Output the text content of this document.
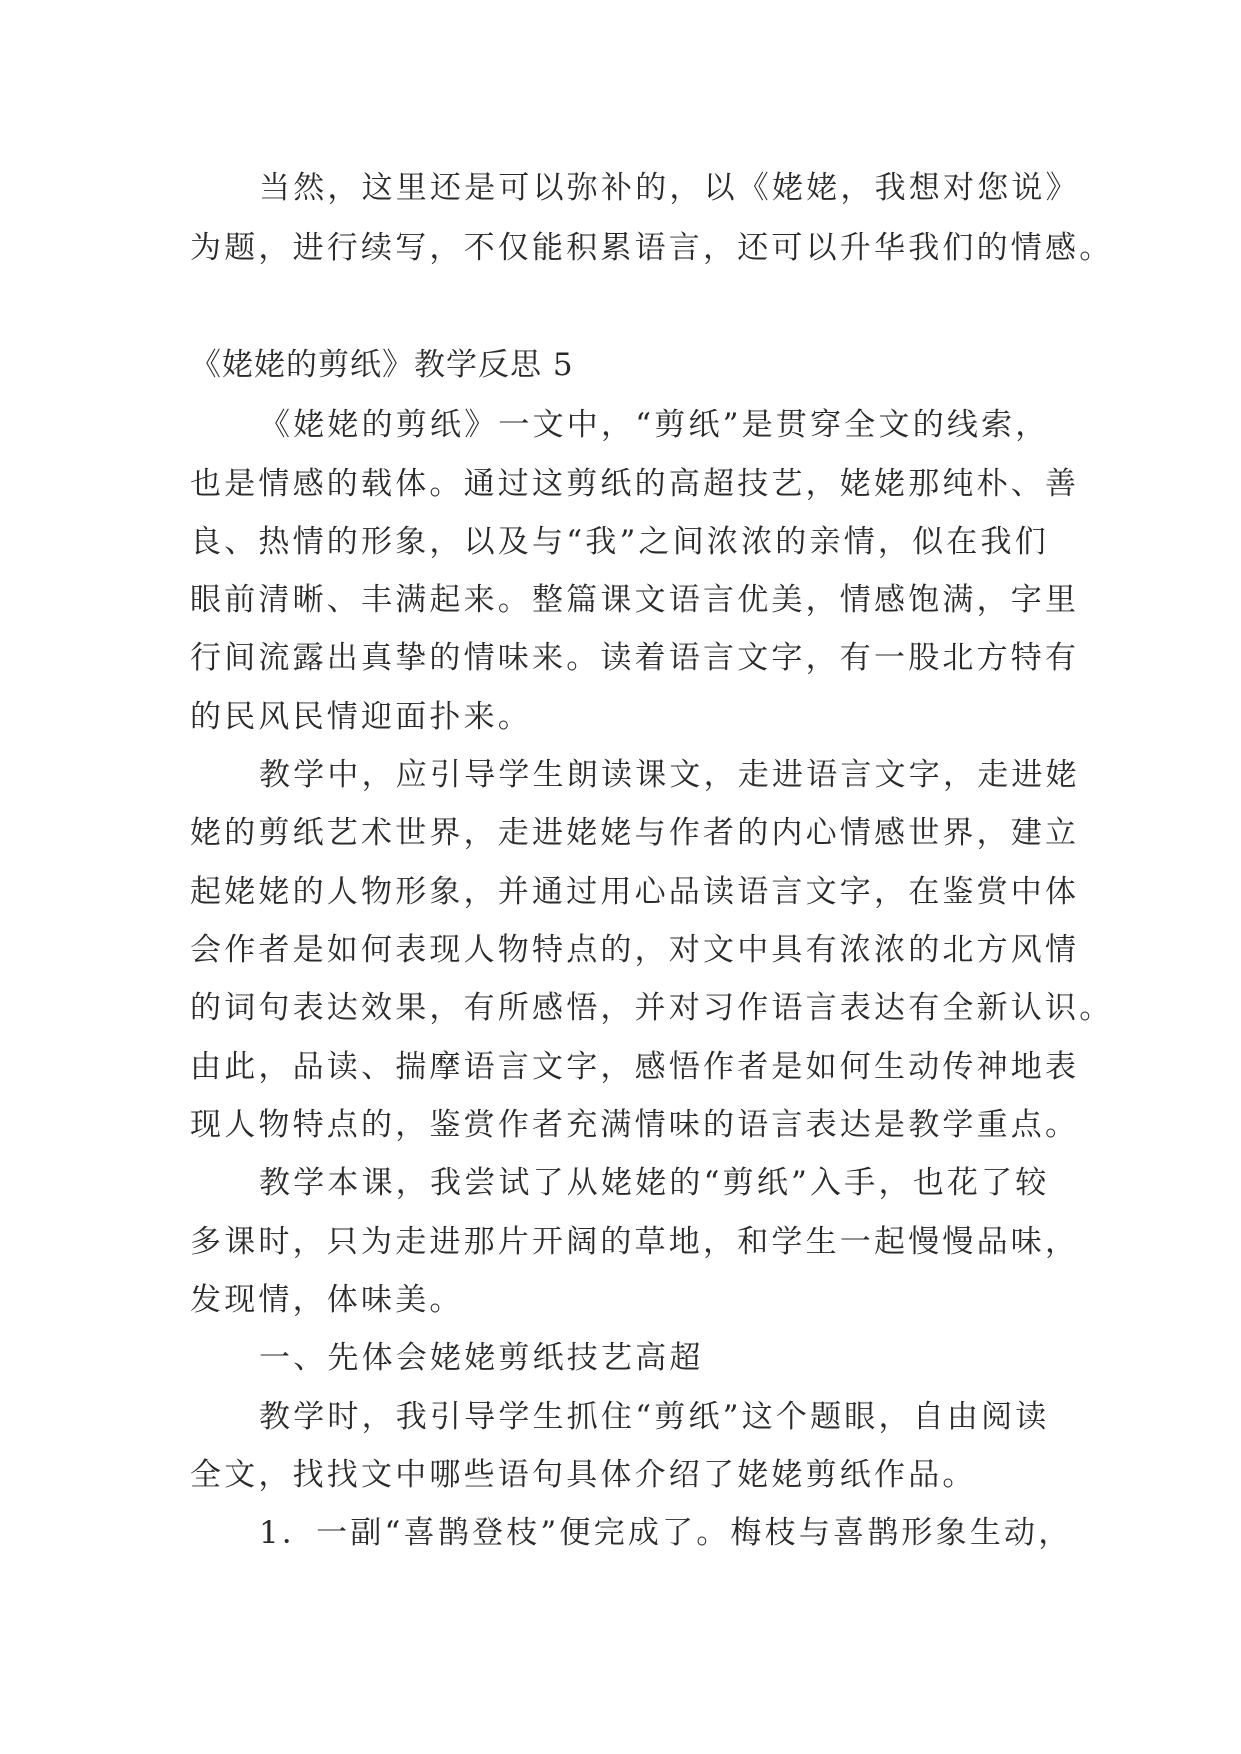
当然，这里还是可以弥补的，以《姥姥，我想对您说》
为题，进行续写，不仅能积累语言，还可以升华我们的情感。
《姥姥的剪纸》教学反思 5
《姥姥的剪纸》一文中，“剪纸”是贯穿全文的线索，
也是情感的载体。通过这剪纸的高超技艺，姥姥那纯朴、善
良、热情的形象，以及与“我”之间浓浓的亲情，似在我们
眼前清晰、丰满起来。整篇课文语言优美，情感饱满，字里
行间流露出真挚的情味来。读着语言文字，有一股北方特有
的民风民情迎面扑来。
教学中，应引导学生朗读课文，走进语言文字，走进姥
姥的剪纸艺术世界，走进姥姥与作者的内心情感世界，建立
起姥姥的人物形象，并通过用心品读语言文字，在鉴赏中体
会作者是如何表现人物特点的，对文中具有浓浓的北方风情
的词句表达效果，有所感悟，并对习作语言表达有全新认识。
由此，品读、揣摩语言文字，感悟作者是如何生动传神地表
现人物特点的，鉴赏作者充满情味的语言表达是教学重点。
教学本课，我尝试了从姥姥的“剪纸”入手，也花了较
多课时，只为走进那片开阔的草地，和学生一起慢慢品味，
发现情，体味美。
一、先体会姥姥剪纸技艺高超
教学时，我引导学生抓住“剪纸”这个题眼，自由阅读
全文，找找文中哪些语句具体介绍了姥姥剪纸作品。
1．一副“喜鹊登枝”便完成了。梅枝与喜鹊形象生动，
